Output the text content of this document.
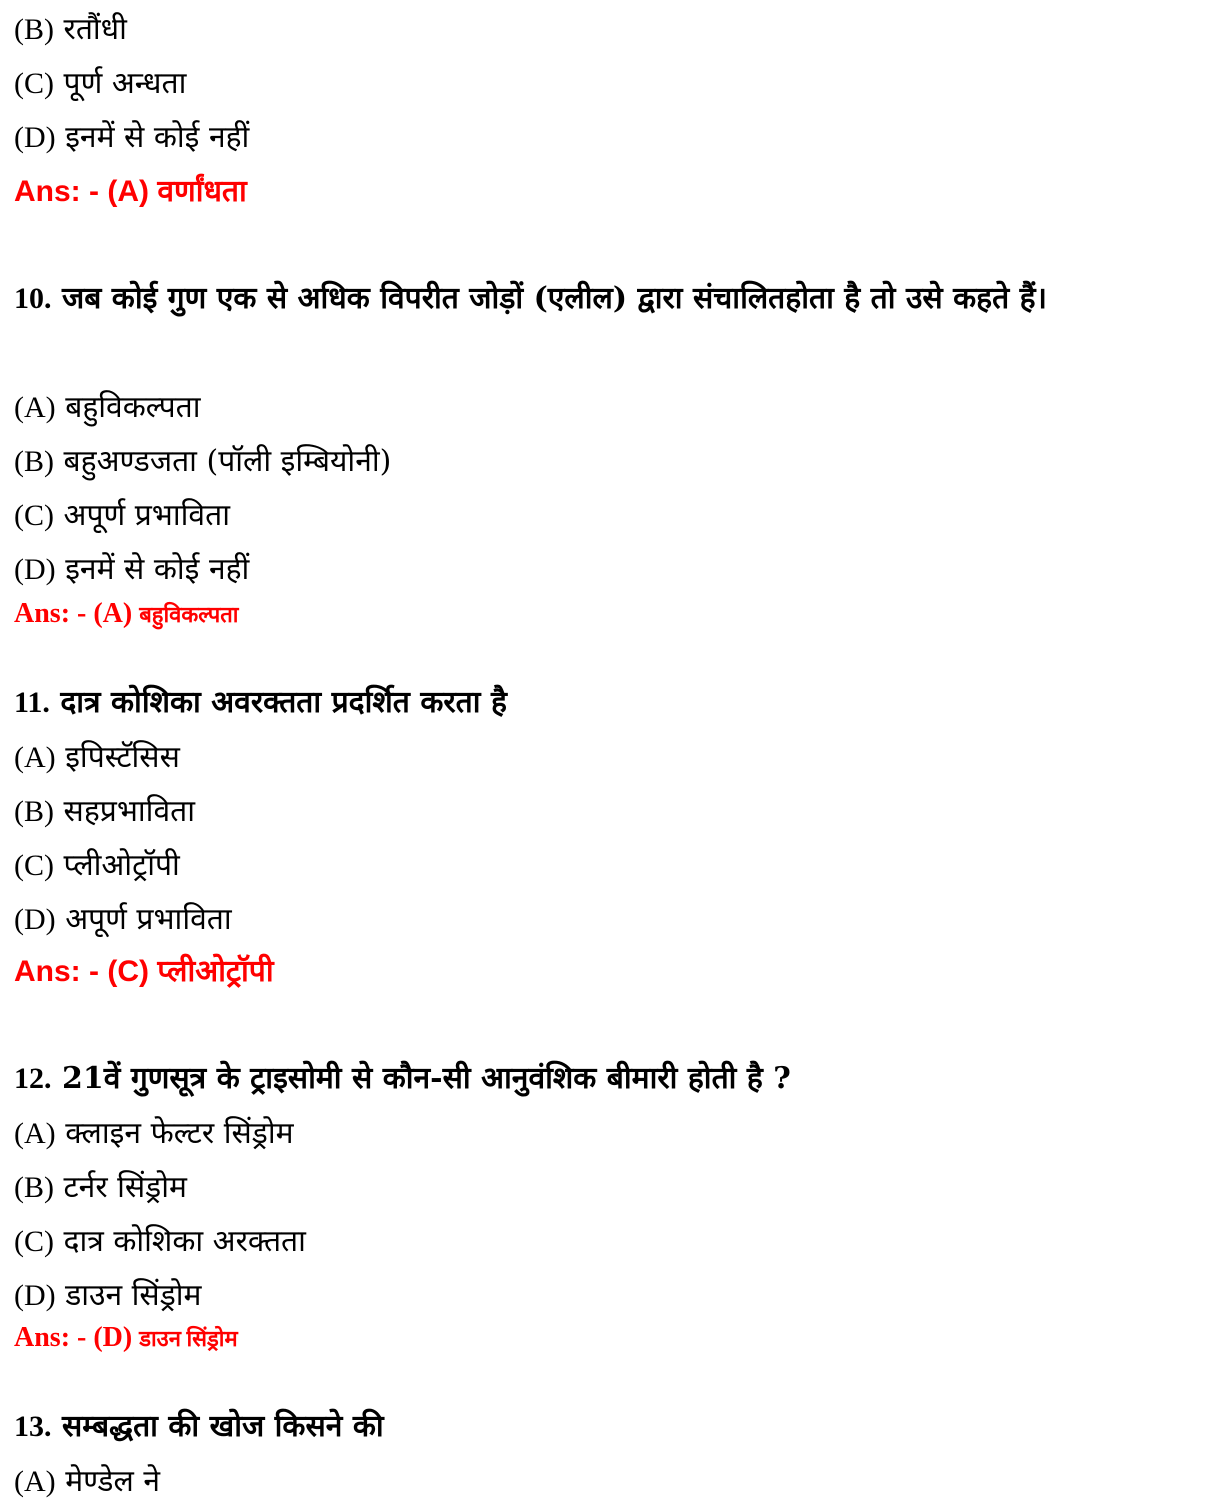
(B) रतौंधी
(C) पूर्ण अन्धता
(D) इनमें से कोई नहीं
Ans: - (A) वर्णांधता
10. जब कोई गुण एक से अधिक विपरीत जोड़ों (एलील) द्वारा संचालितहोता है तो उसे कहते हैं।
(A) बहुविकल्पता
(B) बहुअण्डजता (पॉली इम्बियोनी)
(C) अपूर्ण प्रभाविता
(D) इनमें से कोई नहीं
Ans: - (A) बहुविकल्पता
11. दात्र कोशिका अवरक्तता प्रदर्शित करता है
(A) इपिस्टॅसिस
(B) सहप्रभाविता
(C) प्लीओट्रॉपी
(D) अपूर्ण प्रभाविता
Ans: - (C) प्लीओट्रॉपी
12. 21वें गुणसूत्र के ट्राइसोमी से कौन-सी आनुवंशिक बीमारी होती है ?
(A) क्लाइन फेल्टर सिंड्रोम
(B) टर्नर सिंड्रोम
(C) दात्र कोशिका अरक्तता
(D) डाउन सिंड्रोम
Ans: - (D) डाउन सिंड्रोम
13. सम्बद्धता की खोज किसने की
(A) मेण्डेल ने
